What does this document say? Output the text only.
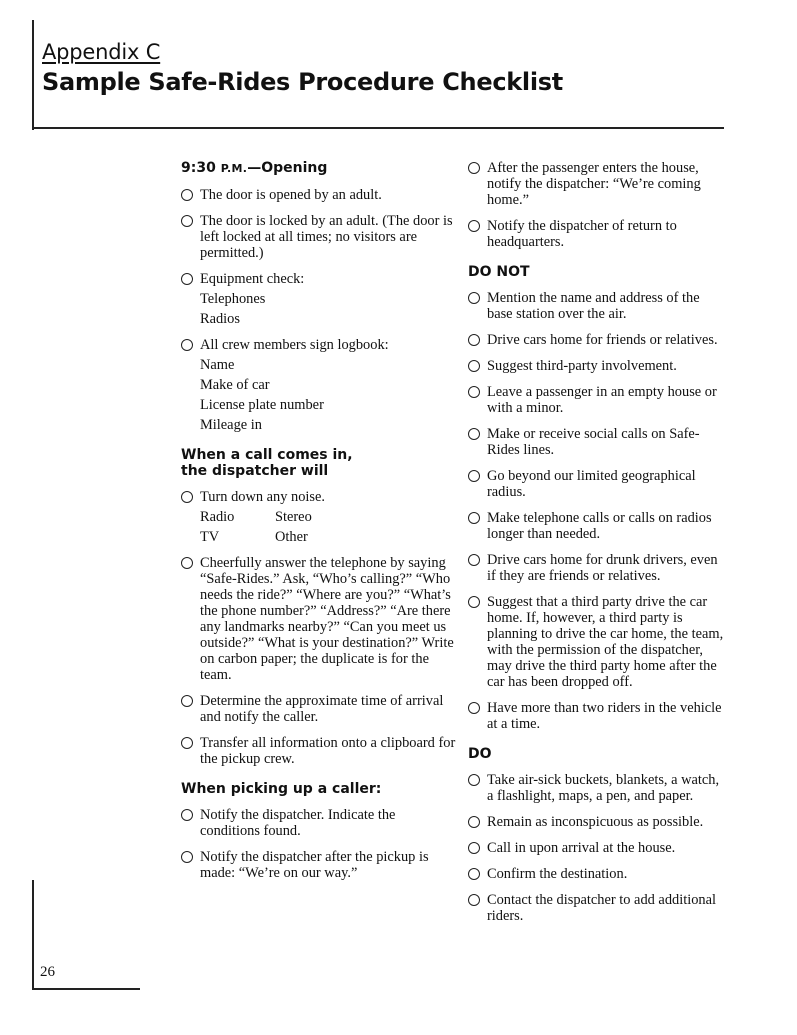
Appendix C
Sample Safe-Rides Procedure Checklist
9:30 P.M.—Opening
The door is opened by an adult.
The door is locked by an adult. (The door is left locked at all times; no visitors are permitted.)
Equipment check:
Telephones
Radios
All crew members sign logbook:
Name
Make of car
License plate number
Mileage in
When a call comes in, the dispatcher will
Turn down any noise.
Radio	Stereo
TV	Other
Cheerfully answer the telephone by saying “Safe-Rides.” Ask, “Who’s calling?” “Who needs the ride?” “Where are you?” “What’s the phone number?” “Address?” “Are there any landmarks nearby?” “Can you meet us outside?” “What is your destination?” Write on carbon paper; the duplicate is for the team.
Determine the approximate time of arrival and notify the caller.
Transfer all information onto a clipboard for the pickup crew.
When picking up a caller:
Notify the dispatcher. Indicate the conditions found.
Notify the dispatcher after the pickup is made: “We’re on our way.”
After the passenger enters the house, notify the dispatcher: “We’re coming home.”
Notify the dispatcher of return to headquarters.
DO NOT
Mention the name and address of the base station over the air.
Drive cars home for friends or relatives.
Suggest third-party involvement.
Leave a passenger in an empty house or with a minor.
Make or receive social calls on Safe-Rides lines.
Go beyond our limited geographical radius.
Make telephone calls or calls on radios longer than needed.
Drive cars home for drunk drivers, even if they are friends or relatives.
Suggest that a third party drive the car home. If, however, a third party is planning to drive the car home, the team, with the permission of the dispatcher, may drive the third party home after the car has been dropped off.
Have more than two riders in the vehicle at a time.
DO
Take air-sick buckets, blankets, a watch, a flashlight, maps, a pen, and paper.
Remain as inconspicuous as possible.
Call in upon arrival at the house.
Confirm the destination.
Contact the dispatcher to add additional riders.
26
